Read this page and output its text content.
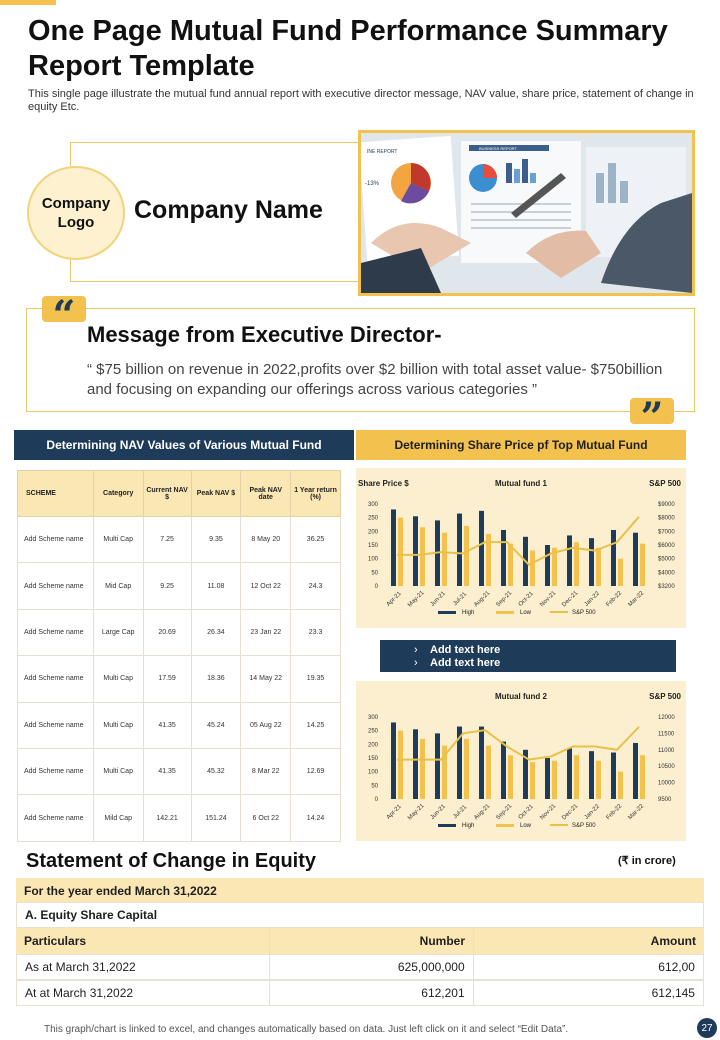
One Page Mutual Fund Performance Summary Report Template
This single page illustrate the mutual fund annual report with executive director message, NAV value, share price, statement of change in equity Etc.
Company
Logo	Company Name
INE REPORT
-13%
BUSINESS REPORT
“
”
Message from Executive Director-
“ $75 billion on revenue in 2022,profits over $2 billion with total asset value- $750billion and focusing on expanding our offerings across various categories ”
Determining NAV Values of Various Mutual Fund	Determining Share Price pf Top Mutual Fund
SCHEME	Category	Current NAV $	Peak NAV $	Peak NAV date	1 Year return (%)
Add Scheme name	Multi Cap	7.25	9.35	8 May 20	36.25
Add Scheme name	Mid Cap	9.25	11.08	12 Oct 22	24.3
Add Scheme name	Large Cap	20.69	26.34	23 Jan 22	23.3
Add Scheme name	Multi Cap	17.59	18.36	14 May 22	19.35
Add Scheme name	Multi Cap	41.35	45.24	05 Aug 22	14.25
Add Scheme name	Multi Cap	41.35	45.32	8 Mar 22	12.69
Add Scheme name	Mild Cap	142.21	151.24	6 Oct 22	14.24
Mutual fund 1
Share Price $	S&P 500
0
50
100
150
200
250
300
$3200
$4000
$5000
$6000
$7000
$8000
$9000
Apr-21 May-21 Jun-21 Jul-21 Aug-21 Sep-21 Oct-21 Nov-21 Dec-21 Jan-22 Feb-22 Mar-22
High	Low	S&P 500
› Add text here
› Add text here
Mutual fund 2	S&P 500
0
50
100
150
200
250
300
9500
10000
10500
11000
11500
12000
Apr-21 May-21 Jun-21 Jul-21 Aug-21 Sep-21 Oct-21 Nov-21 Dec-21 Jan-22 Feb-22 Mar-22
High	Low	S&P 500
Statement of Change in Equity	(₹ in crore)
For the year ended March 31,2022
A. Equity Share Capital
Particulars	Number	Amount
As at March 31,2022	625,000,000	612,00
At at March 31,2022	612,201	612,145
This graph/chart is linked to excel, and changes automatically based on data. Just left click on it and select “Edit Data”.	27
